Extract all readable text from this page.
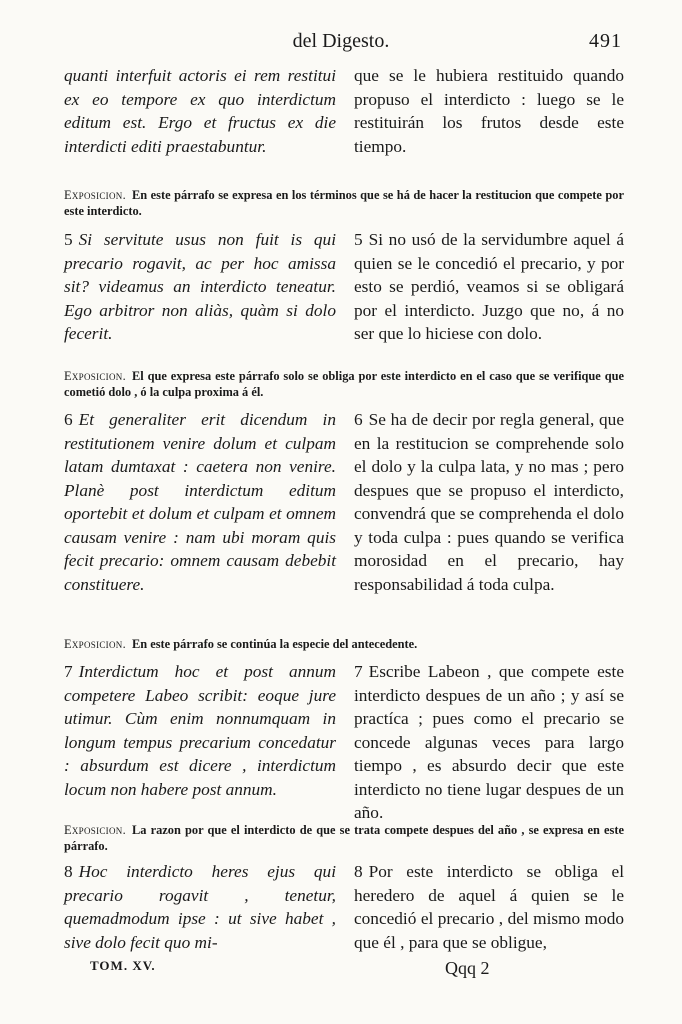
del Digesto.	491
quanti interfuit actoris ei rem restitui ex eo tempore ex quo interdictum editum est. Ergo et fructus ex die interdicti editi praestabuntur.
que se le hubiera restituido quando propuso el interdicto : luego se le restituirán los frutos desde este tiempo.
Exposicion. En este párrafo se expresa en los términos que se há de hacer la restitucion que compete por este interdicto.
5 Si servitute usus non fuit is qui precario rogavit, ac per hoc amissa sit? videamus an interdicto teneatur. Ego arbitror non aliàs, quàm si dolo fecerit.
5 Si no usó de la servidumbre aquel á quien se le concedió el precario, y por esto se perdió, veamos si se obligará por el interdicto. Juzgo que no, á no ser que lo hiciese con dolo.
Exposicion. El que expresa este párrafo solo se obliga por este interdicto en el caso que se verifique que cometió dolo , ó la culpa proxima á él.
6 Et generaliter erit dicendum in restitutionem venire dolum et culpam latam dumtaxat : caetera non venire. Planè post interdictum editum oportebit et dolum et culpam et omnem causam venire : nam ubi moram quis fecit precario: omnem causam debebit constituere.
6 Se ha de decir por regla general, que en la restitucion se comprehende solo el dolo y la culpa lata, y no mas ; pero despues que se propuso el interdicto, convendrá que se comprehenda el dolo y toda culpa : pues quando se verifica morosidad en el precario, hay responsabilidad á toda culpa.
Exposicion. En este párrafo se continúa la especie del antecedente.
7 Interdictum hoc et post annum competere Labeo scribit: eoque jure utimur. Cùm enim nonnumquam in longum tempus precarium concedatur : absurdum est dicere , interdictum locum non habere post annum.
7 Escribe Labeon , que compete este interdicto despues de un año ; y así se practíca ; pues como el precario se concede algunas veces para largo tiempo , es absurdo decir que este interdicto no tiene lugar despues de un año.
Exposicion. La razon por que el interdicto de que se trata compete despues del año , se expresa en este párrafo.
8 Hoc interdicto heres ejus qui precario rogavit , tenetur, quemadmodum ipse : ut sive habet , sive dolo fecit quo mi-
8 Por este interdicto se obliga el heredero de aquel á quien se le concedió el precario , del mismo modo que él , para que se obligue,
TOM. XV.	Qqq 2
